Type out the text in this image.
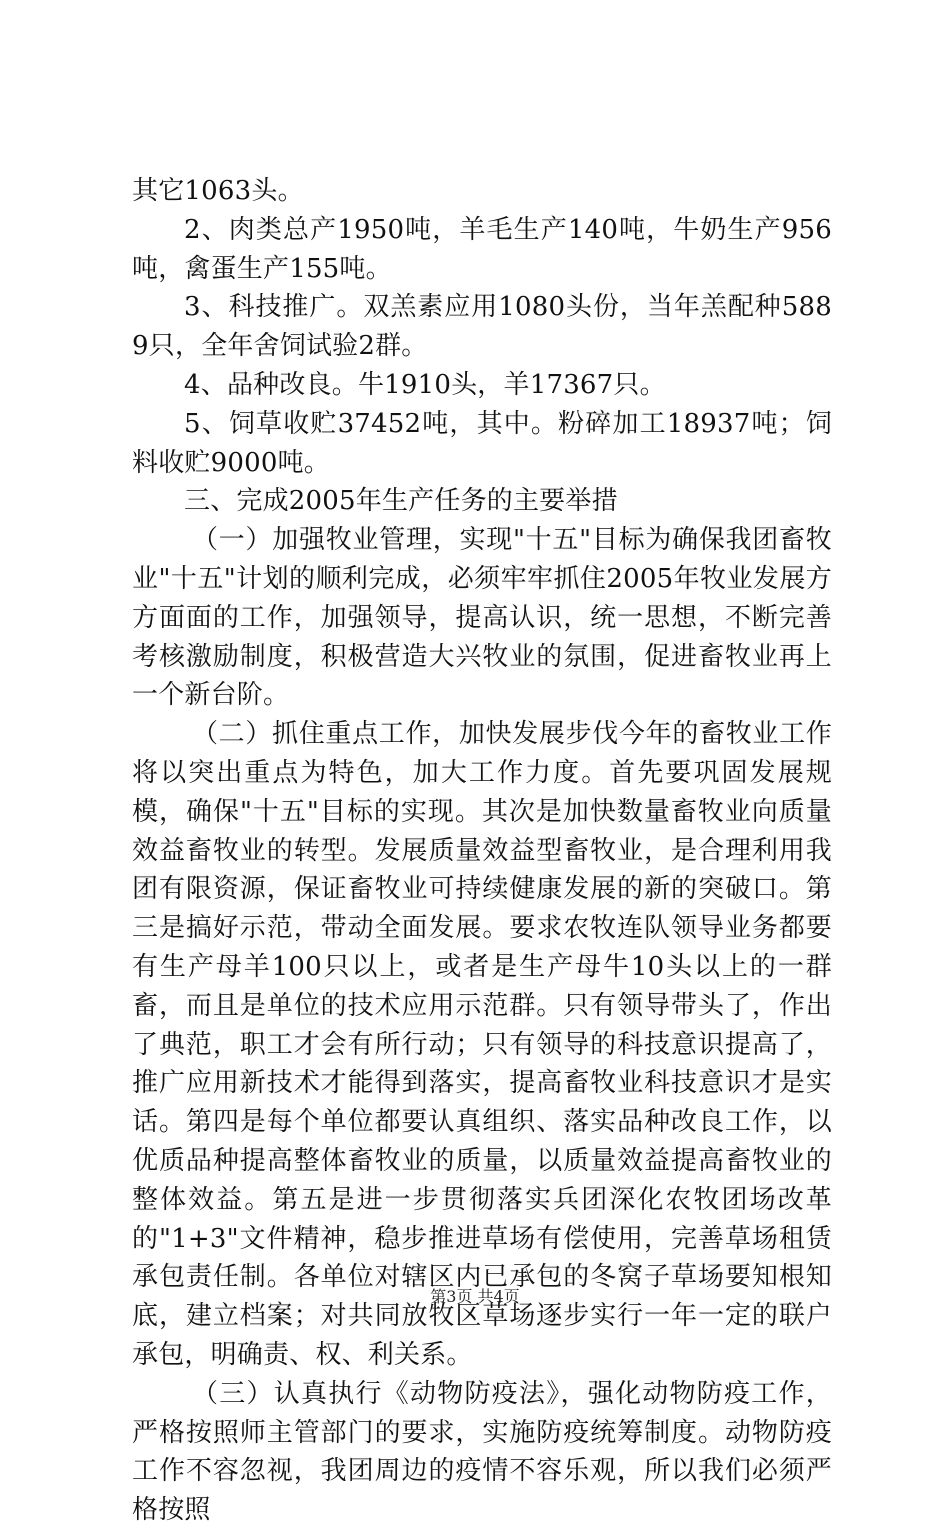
其它1063头。

2、肉类总产1950吨，羊毛生产140吨，牛奶生产956吨，禽蛋生产155吨。

3、科技推广。双羔素应用1080头份，当年羔配种5889只，全年舍饲试验2群。

4、品种改良。牛1910头，羊17367只。

5、饲草收贮37452吨，其中。粉碎加工18937吨；饲料收贮9000吨。

三、完成2005年生产任务的主要举措

（一）加强牧业管理，实现"十五"目标为确保我团畜牧业"十五"计划的顺利完成，必须牢牢抓住2005年牧业发展方方面面的工作，加强领导，提高认识，统一思想，不断完善考核激励制度，积极营造大兴牧业的氛围，促进畜牧业再上一个新台阶。

（二）抓住重点工作，加快发展步伐今年的畜牧业工作将以突出重点为特色，加大工作力度。首先要巩固发展规模，确保"十五"目标的实现。其次是加快数量畜牧业向质量效益畜牧业的转型。发展质量效益型畜牧业，是合理利用我团有限资源，保证畜牧业可持续健康发展的新的突破口。第三是搞好示范，带动全面发展。要求农牧连队领导业务都要有生产母羊100只以上，或者是生产母牛10头以上的一群畜，而且是单位的技术应用示范群。只有领导带头了，作出了典范，职工才会有所行动；只有领导的科技意识提高了，推广应用新技术才能得到落实，提高畜牧业科技意识才是实话。第四是每个单位都要认真组织、落实品种改良工作，以优质品种提高整体畜牧业的质量，以质量效益提高畜牧业的整体效益。第五是进一步贯彻落实兵团深化农牧团场改革的"1+3"文件精神，稳步推进草场有偿使用，完善草场租赁承包责任制。各单位对辖区内已承包的冬窝子草场要知根知底，建立档案；对共同放牧区草场逐步实行一年一定的联户承包，明确责、权、利关系。

（三）认真执行《动物防疫法》，强化动物防疫工作，严格按照师主管部门的要求，实施防疫统筹制度。动物防疫工作不容忽视，我团周边的疫情不容乐观，所以我们必须严格按照

第3页 共4页
